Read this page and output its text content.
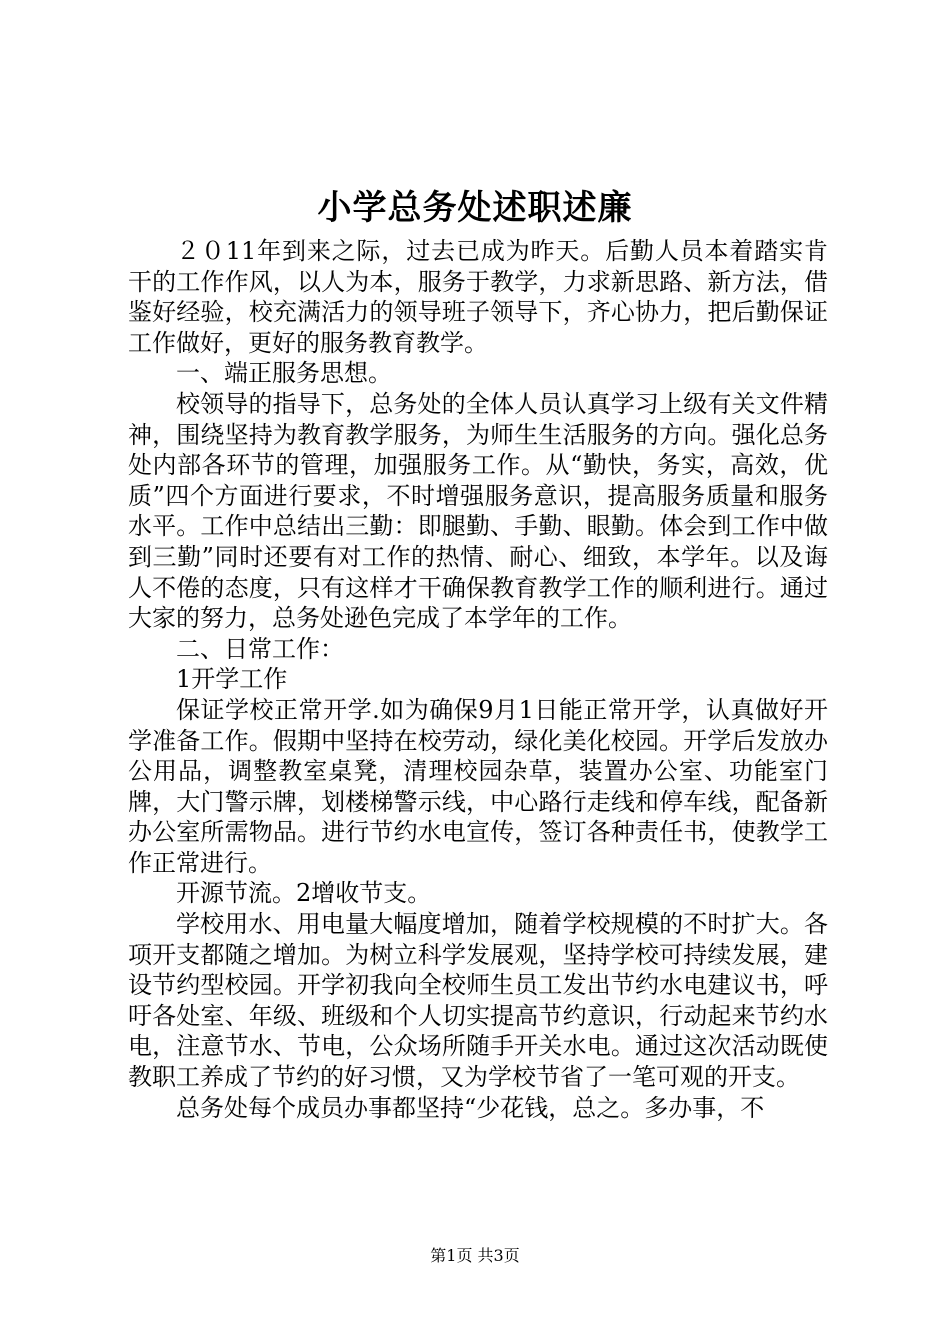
小学总务处述职述廉

２０11年到来之际，过去已成为昨天。后勤人员本着踏实肯干的工作作风，以人为本，服务于教学，力求新思路、新方法，借鉴好经验，校充满活力的领导班子领导下，齐心协力，把后勤保证工作做好，更好的服务教育教学。

一、端正服务思想。

校领导的指导下，总务处的全体人员认真学习上级有关文件精神，围绕坚持为教育教学服务，为师生生活服务的方向。强化总务处内部各环节的管理，加强服务工作。从“勤快，务实，高效，优质”四个方面进行要求，不时增强服务意识，提高服务质量和服务水平。工作中总结出三勤：即腿勤、手勤、眼勤。体会到工作中做到三勤”同时还要有对工作的热情、耐心、细致，本学年。以及诲人不倦的态度，只有这样才干确保教育教学工作的顺利进行。通过大家的努力，总务处逊色完成了本学年的工作。

二、日常工作：

1开学工作

保证学校正常开学.如为确保9月1日能正常开学，认真做好开学准备工作。假期中坚持在校劳动，绿化美化校园。开学后发放办公用品，调整教室桌凳，清理校园杂草，装置办公室、功能室门牌，大门警示牌，划楼梯警示线，中心路行走线和停车线，配备新办公室所需物品。进行节约水电宣传，签订各种责任书，使教学工作正常进行。

开源节流。2增收节支。

学校用水、用电量大幅度增加，随着学校规模的不时扩大。各项开支都随之增加。为树立科学发展观，坚持学校可持续发展，建设节约型校园。开学初我向全校师生员工发出节约水电建议书，呼吁各处室、年级、班级和个人切实提高节约意识，行动起来节约水电，注意节水、节电，公众场所随手开关水电。通过这次活动既使教职工养成了节约的好习惯，又为学校节省了一笔可观的开支。

总务处每个成员办事都坚持“少花钱，总之。多办事，不

第1页 共3页
